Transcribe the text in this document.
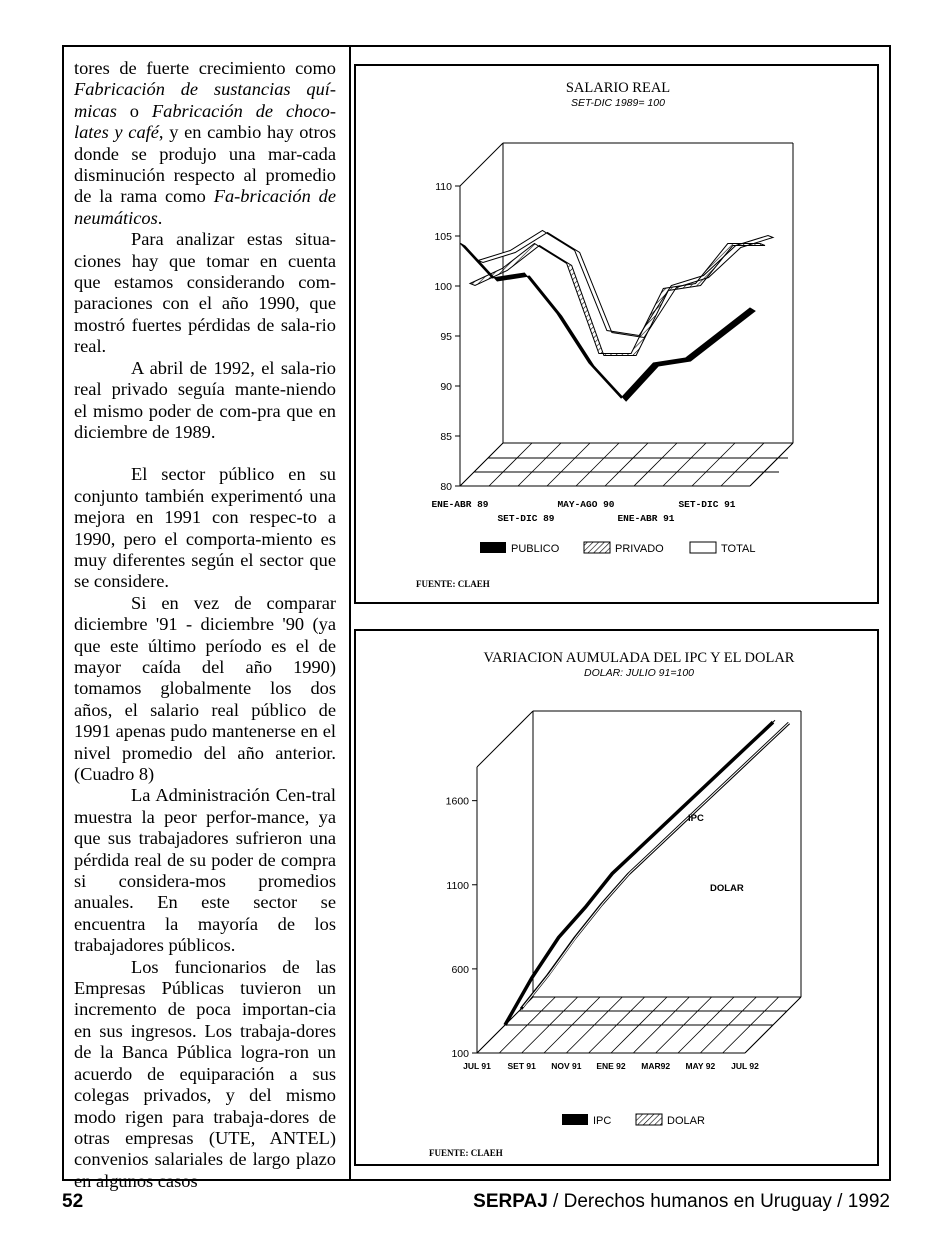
tores de fuerte crecimiento como Fabricación de sustancias quí-micas o Fabricación de choco-lates y café, y en cambio hay otros donde se produjo una mar-cada disminución respecto al promedio de la rama como Fa-bricación de neumáticos.

Para analizar estas situa-ciones hay que tomar en cuenta que estamos considerando com-paraciones con el año 1990, que mostró fuertes pérdidas de sala-rio real.

A abril de 1992, el sala-rio real privado seguía mante-niendo el mismo poder de com-pra que en diciembre de 1989.

El sector público en su conjunto también experimentó una mejora en 1991 con respec-to a 1990, pero el comporta-miento es muy diferentes según el sector que se considere.

Si en vez de comparar diciembre '91 - diciembre '90 (ya que este último período es el de mayor caída del año 1990) tomamos globalmente los dos años, el salario real público de 1991 apenas pudo mantenerse en el nivel promedio del año anterior. (Cuadro 8)

La Administración Cen-tral muestra la peor perfor-mance, ya que sus trabajadores sufrieron una pérdida real de su poder de compra si considera-mos promedios anuales. En este sector se encuentra la mayoría de los trabajadores públicos.

Los funcionarios de las Empresas Públicas tuvieron un incremento de poca importan-cia en sus ingresos. Los trabaja-dores de la Banca Pública logra-ron un acuerdo de equiparación a sus colegas privados, y del mismo modo rigen para trabaja-dores de otras empresas (UTE, ANTEL) convenios salariales de largo plazo en algunos casos

SALARIO REAL
SET-DIC 1989= 100
80
85
90
95
100
105
110
ENE-ABR 89	MAY-AGO 90	SET-DIC 91
SET-DIC 89	ENE-ABR 91
PUBLICO	PRIVADO	TOTAL
FUENTE: CLAEH
VARIACION AUMULADA DEL IPC Y EL DOLAR
DOLAR: JULIO 91=100
100
600
1100
1600
JUL 91 SET 91 NOV 91 ENE 92 MAR92 MAY 92 JUL 92
IPC
DOLAR
IPC	DOLAR
FUENTE: CLAEH
52	SERPAJ / Derechos humanos en Uruguay / 1992
